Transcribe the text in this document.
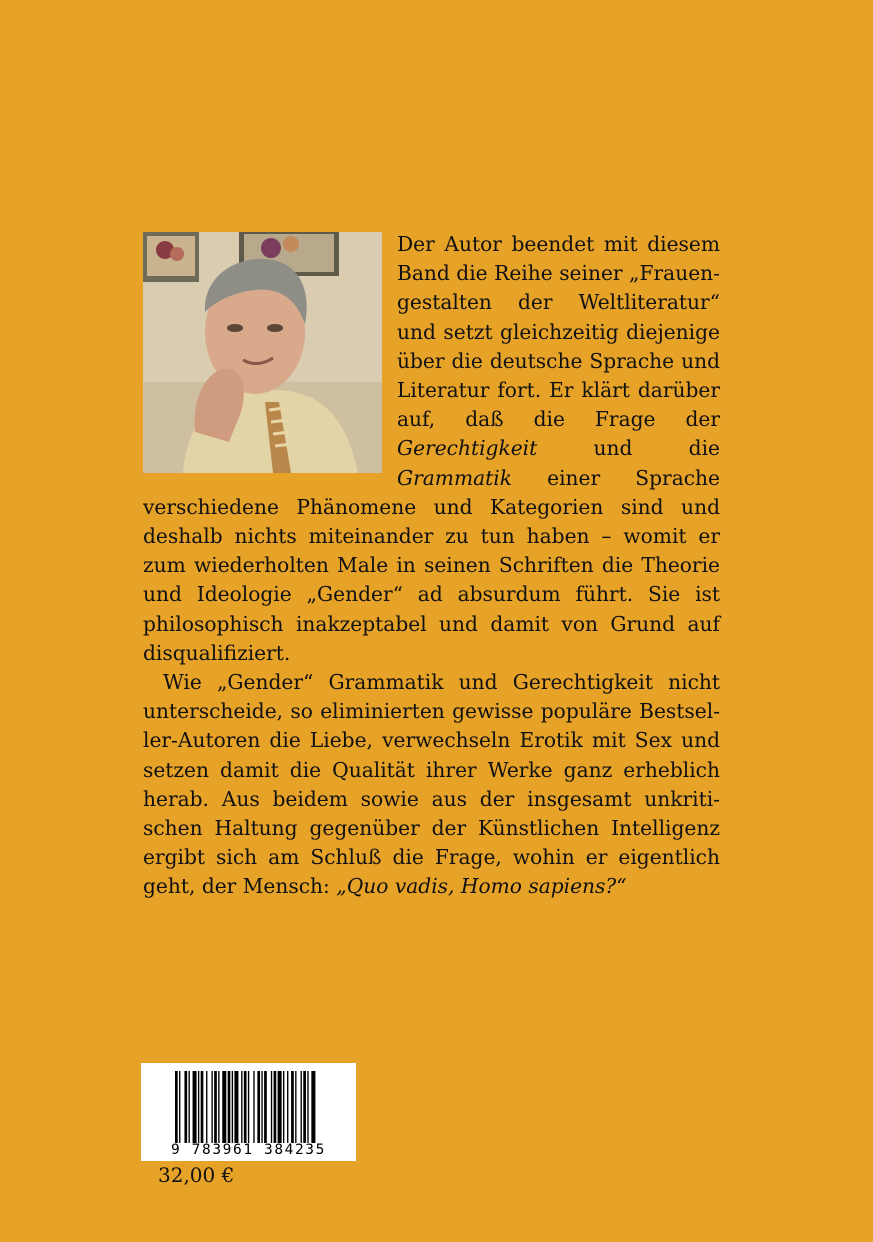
Der Autor beendet mit diesem Band die Reihe seiner „Frauengestalten der Weltliteratur“ und setzt gleichzeitig diejenige über die deutsche Sprache und Literatur fort. Er klärt darüber auf, daß die Frage der Gerechtigkeit und die Grammatik einer Sprache verschiedene Phänomene und Kategorien sind und deshalb nichts miteinander zu tun haben – womit er zum wiederholten Male in seinen Schriften die Theorie und Ideologie „Gender“ ad absurdum führt. Sie ist philosophisch inakzeptabel und damit von Grund auf disqualifiziert.

Wie „Gender“ Grammatik und Gerechtigkeit nicht unterscheide, so eliminierten gewisse populäre Bestseller-Autoren die Liebe, verwechseln Erotik mit Sex und setzen damit die Qualität ihrer Werke ganz erheblich herab. Aus beidem sowie aus der insgesamt unkritischen Haltung gegenüber der Künstlichen Intelligenz ergibt sich am Schluß die Frage, wohin er eigentlich geht, der Mensch: „Quo vadis, Homo sapiens?“

9 783961 384235
32,00 €
